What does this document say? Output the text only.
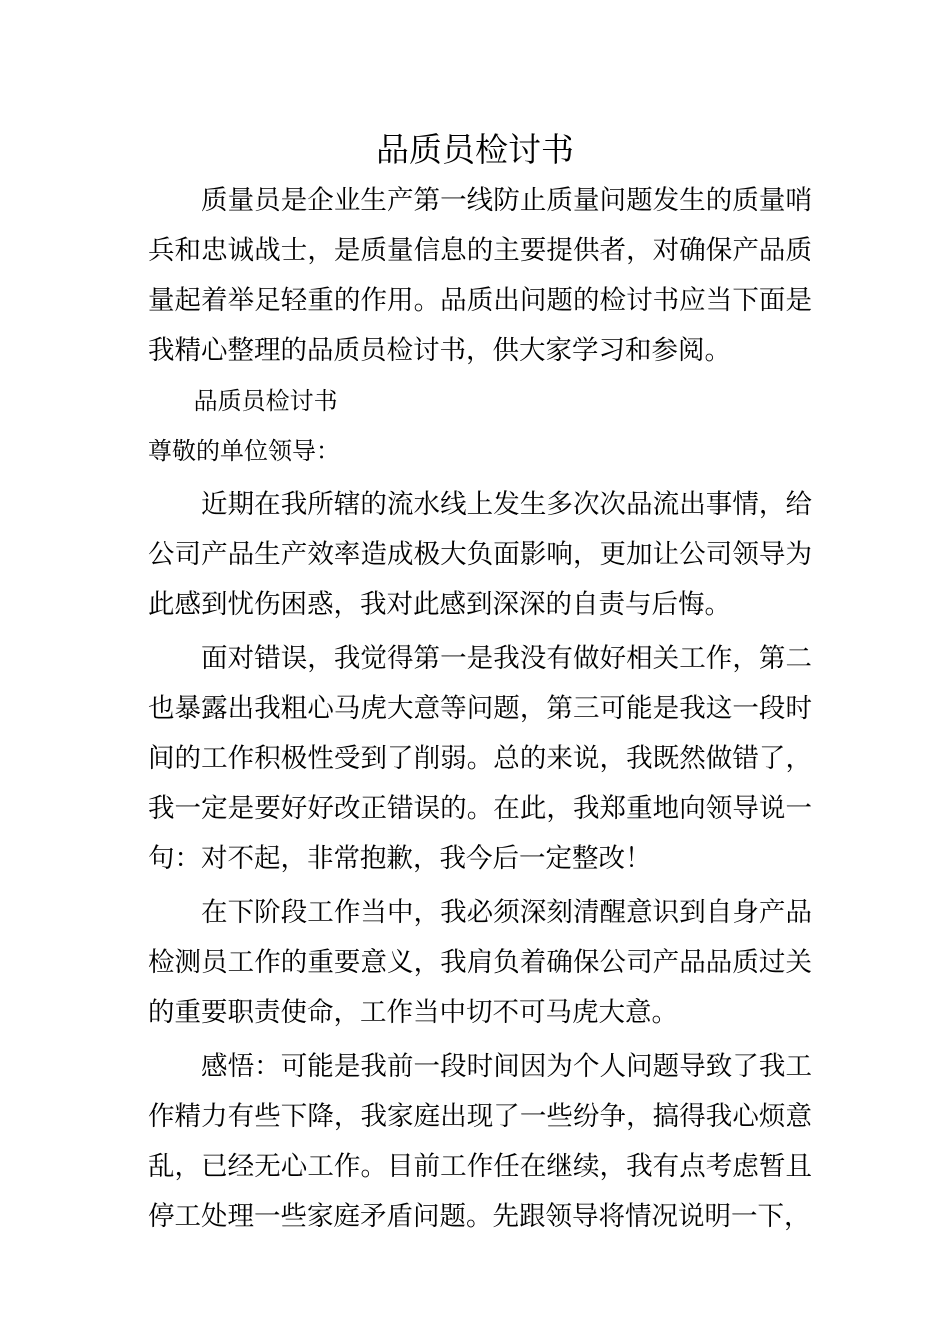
品质员检讨书

质量员是企业生产第一线防止质量问题发生的质量哨兵和忠诚战士，是质量信息的主要提供者，对确保产品质量起着举足轻重的作用。品质出问题的检讨书应当下面是我精心整理的品质员检讨书，供大家学习和参阅。

品质员检讨书

尊敬的单位领导：

近期在我所辖的流水线上发生多次次品流出事情，给公司产品生产效率造成极大负面影响，更加让公司领导为此感到忧伤困惑，我对此感到深深的自责与后悔。

面对错误，我觉得第一是我没有做好相关工作，第二也暴露出我粗心马虎大意等问题，第三可能是我这一段时间的工作积极性受到了削弱。总的来说，我既然做错了，我一定是要好好改正错误的。在此，我郑重地向领导说一句：对不起，非常抱歉，我今后一定整改！

在下阶段工作当中，我必须深刻清醒意识到自身产品检测员工作的重要意义，我肩负着确保公司产品品质过关的重要职责使命，工作当中切不可马虎大意。

感悟：可能是我前一段时间因为个人问题导致了我工作精力有些下降，我家庭出现了一些纷争，搞得我心烦意乱，已经无心工作。目前工作任在继续，我有点考虑暂且停工处理一些家庭矛盾问题。先跟领导将情况说明一下，
